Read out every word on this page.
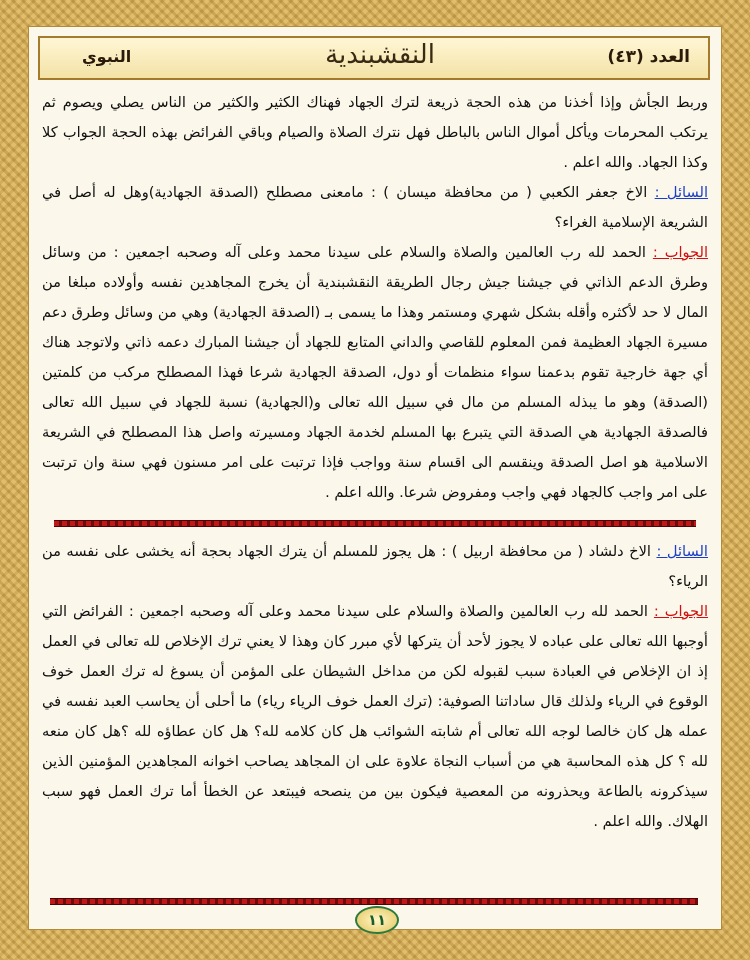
العدد (٤٣)
النقشبندية
النبوي

وربط الجأش وإذا أخذنا من هذه الحجة ذريعة لترك الجهاد فهناك الكثير والكثير من الناس يصلي ويصوم ثم يرتكب المحرمات ويأكل أموال الناس بالباطل فهل نترك الصلاة والصيام وباقي الفرائض بهذه الحجة الجواب كلا وكذا الجهاد. والله اعلم .

السائل : الاخ جعفر الكعبي ( من محافظة ميسان ) : مامعنى مصطلح (الصدقة الجهادية)وهل له أصل في الشريعة الإسلامية الغراء؟

الجواب : الحمد لله رب العالمين والصلاة والسلام على سيدنا محمد وعلى آله وصحبه اجمعين : من وسائل وطرق الدعم الذاتي في جيشنا جيش رجال الطريقة النقشبندية أن يخرج المجاهدين نفسه وأولاده مبلغا من المال لا حد لأكثره وأقله بشكل شهري ومستمر وهذا ما يسمى بـ (الصدقة الجهادية) وهي من وسائل وطرق دعم مسيرة الجهاد العظيمة فمن المعلوم للقاصي والداني المتابع للجهاد أن جيشنا المبارك دعمه ذاتي ولاتوجد هناك أي جهة خارجية تقوم بدعمنا سواء منظمات أو دول، الصدقة الجهادية شرعا فهذا المصطلح مركب من كلمتين (الصدقة) وهو ما يبذله المسلم من مال في سبيل الله تعالى و(الجهادية) نسبة للجهاد في سبيل الله تعالى فالصدقة الجهادية هي الصدقة التي يتبرع بها المسلم لخدمة الجهاد ومسيرته واصل هذا المصطلح في الشريعة الاسلامية هو اصل الصدقة وينقسم الى اقسام سنة وواجب فإذا ترتبت على امر مسنون فهي سنة وان ترتبت على امر واجب كالجهاد فهي واجب ومفروض شرعا. والله اعلم .

السائل : الاخ دلشاد ( من محافظة اربيل ) : هل يجوز للمسلم أن يترك الجهاد بحجة أنه يخشى على نفسه من الرياء؟

الجواب : الحمد لله رب العالمين والصلاة والسلام على سيدنا محمد وعلى آله وصحبه اجمعين : الفرائض التي أوجبها الله تعالى على عباده لا يجوز لأحد أن يتركها لأي مبرر كان وهذا لا يعني ترك الإخلاص لله تعالى في العمل إذ ان الإخلاص في العبادة سبب لقبوله لكن من مداخل الشيطان على المؤمن أن يسوغ له ترك العمل خوف الوقوع في الرياء ولذلك قال ساداتنا الصوفية: (ترك العمل خوف الرياء رياء) ما أحلى أن يحاسب العبد نفسه في عمله هل كان خالصا لوجه الله تعالى أم شابته الشوائب هل كان كلامه لله؟ هل كان عطاؤه لله ؟هل كان منعه لله ؟ كل هذه المحاسبة هي من أسباب النجاة علاوة على ان المجاهد يصاحب اخوانه المجاهدين المؤمنين الذين سيذكرونه بالطاعة ويحذرونه من المعصية فيكون بين من ينصحه فيبتعد عن الخطأ أما ترك العمل فهو سبب الهلاك. والله اعلم .

١١
